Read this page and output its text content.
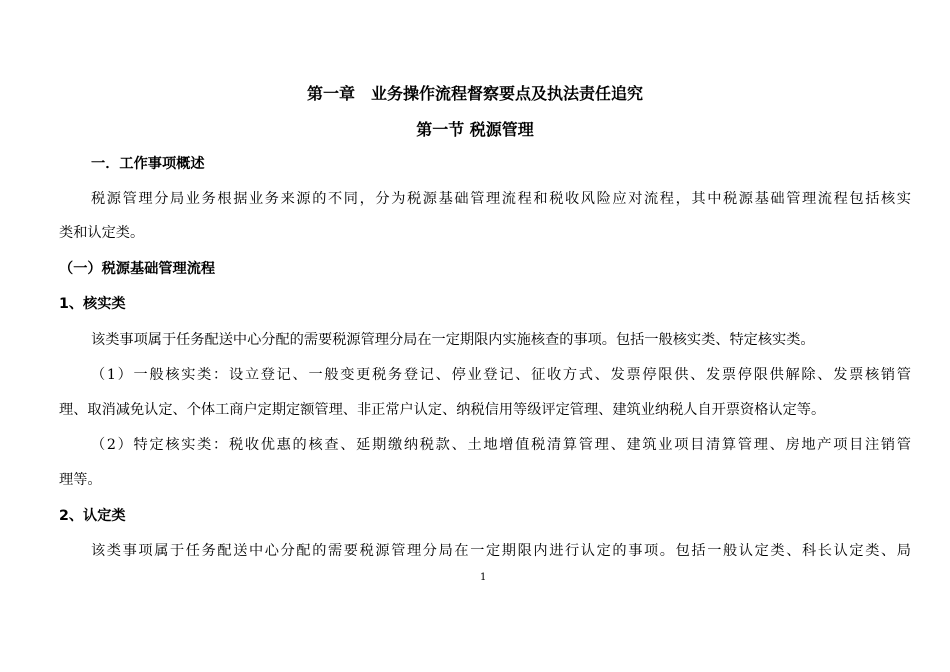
第一章　业务操作流程督察要点及执法责任追究
第一节 税源管理
一．工作事项概述
税源管理分局业务根据业务来源的不同，分为税源基础管理流程和税收风险应对流程，其中税源基础管理流程包括核实
类和认定类。
（一）税源基础管理流程
1、核实类
该类事项属于任务配送中心分配的需要税源管理分局在一定期限内实施核查的事项。包括一般核实类、特定核实类。
（1）一般核实类：设立登记、一般变更税务登记、停业登记、征收方式、发票停限供、发票停限供解除、发票核销管
理、取消减免认定、个体工商户定期定额管理、非正常户认定、纳税信用等级评定管理、建筑业纳税人自开票资格认定等。
（2）特定核实类：税收优惠的核查、延期缴纳税款、土地增值税清算管理、建筑业项目清算管理、房地产项目注销管
理等。
2、认定类
该类事项属于任务配送中心分配的需要税源管理分局在一定期限内进行认定的事项。包括一般认定类、科长认定类、局
1
